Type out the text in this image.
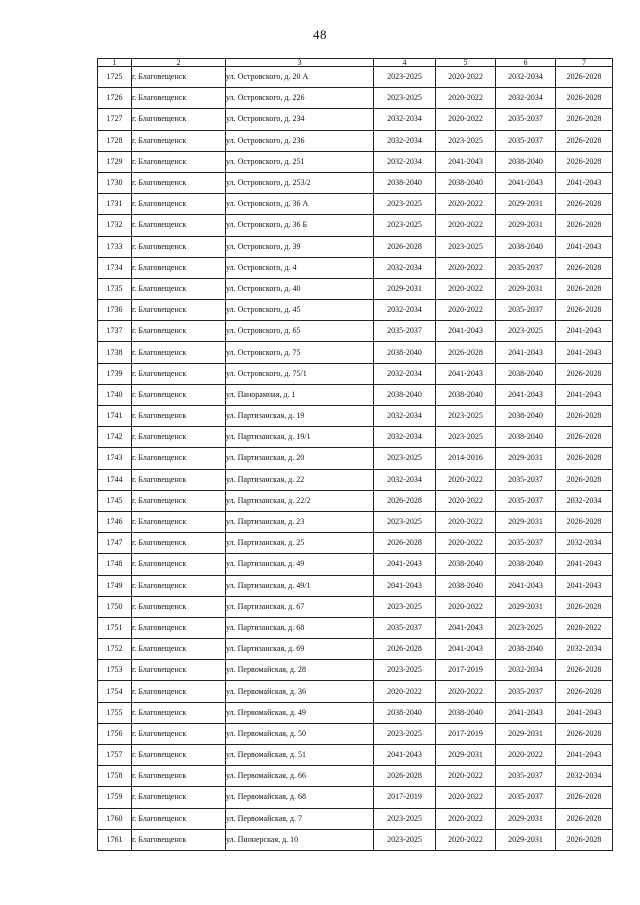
48
1	2	3	4	5	6	7
1725	г. Благовещенск	ул. Островского, д. 20 А	2023-2025	2020-2022	2032-2034	2026-2028
1726	г. Благовещенск	ул. Островского, д. 226	2023-2025	2020-2022	2032-2034	2026-2028
1727	г. Благовещенск	ул. Островского, д. 234	2032-2034	2020-2022	2035-2037	2026-2028
1728	г. Благовещенск	ул. Островского, д. 236	2032-2034	2023-2025	2035-2037	2026-2028
1729	г. Благовещенск	ул. Островского, д. 251	2032-2034	2041-2043	2038-2040	2026-2028
1730	г. Благовещенск	ул. Островского, д. 253/2	2038-2040	2038-2040	2041-2043	2041-2043
1731	г. Благовещенск	ул. Островского, д. 36 А	2023-2025	2020-2022	2029-2031	2026-2028
1732	г. Благовещенск	ул. Островского, д. 36 Б	2023-2025	2020-2022	2029-2031	2026-2028
1733	г. Благовещенск	ул. Островского, д. 39	2026-2028	2023-2025	2038-2040	2041-2043
1734	г. Благовещенск	ул. Островского, д. 4	2032-2034	2020-2022	2035-2037	2026-2028
1735	г. Благовещенск	ул. Островского, д. 40	2029-2031	2020-2022	2029-2031	2026-2028
1736	г. Благовещенск	ул. Островского, д. 45	2032-2034	2020-2022	2035-2037	2026-2028
1737	г. Благовещенск	ул. Островского, д. 65	2035-2037	2041-2043	2023-2025	2041-2043
1738	г. Благовещенск	ул. Островского, д. 75	2038-2040	2026-2028	2041-2043	2041-2043
1739	г. Благовещенск	ул. Островского, д. 75/1	2032-2034	2041-2043	2038-2040	2026-2028
1740	г. Благовещенск	ул. Панорамная, д. 1	2038-2040	2038-2040	2041-2043	2041-2043
1741	г. Благовещенск	ул. Партизанская, д. 19	2032-2034	2023-2025	2038-2040	2026-2028
1742	г. Благовещенск	ул. Партизанская, д. 19/1	2032-2034	2023-2025	2038-2040	2026-2028
1743	г. Благовещенск	ул. Партизанская, д. 20	2023-2025	2014-2016	2029-2031	2026-2028
1744	г. Благовещенск	ул. Партизанская, д. 22	2032-2034	2020-2022	2035-2037	2026-2028
1745	г. Благовещенск	ул. Партизанская, д. 22/2	2026-2028	2020-2022	2035-2037	2032-2034
1746	г. Благовещенск	ул. Партизанская, д. 23	2023-2025	2020-2022	2029-2031	2026-2028
1747	г. Благовещенск	ул. Партизанская, д. 25	2026-2028	2020-2022	2035-2037	2032-2034
1748	г. Благовещенск	ул. Партизанская, д. 49	2041-2043	2038-2040	2038-2040	2041-2043
1749	г. Благовещенск	ул. Партизанская, д. 49/1	2041-2043	2038-2040	2041-2043	2041-2043
1750	г. Благовещенск	ул. Партизанская, д. 67	2023-2025	2020-2022	2029-2031	2026-2028
1751	г. Благовещенск	ул. Партизанская, д. 68	2035-2037	2041-2043	2023-2025	2020-2022
1752	г. Благовещенск	ул. Партизанская, д. 69	2026-2028	2041-2043	2038-2040	2032-2034
1753	г. Благовещенск	ул. Первомайская, д. 28	2023-2025	2017-2019	2032-2034	2026-2028
1754	г. Благовещенск	ул. Первомайская, д. 36	2020-2022	2020-2022	2035-2037	2026-2028
1755	г. Благовещенск	ул. Первомайская, д. 49	2038-2040	2038-2040	2041-2043	2041-2043
1756	г. Благовещенск	ул. Первомайская, д. 50	2023-2025	2017-2019	2029-2031	2026-2028
1757	г. Благовещенск	ул. Первомайская, д. 51	2041-2043	2029-2031	2020-2022	2041-2043
1758	г. Благовещенск	ул. Первомайская, д. 66	2026-2028	2020-2022	2035-2037	2032-2034
1759	г. Благовещенск	ул. Первомайская, д. 68	2017-2019	2020-2022	2035-2037	2026-2028
1760	г. Благовещенск	ул. Первомайская, д. 7	2023-2025	2020-2022	2029-2031	2026-2028
1761	г. Благовещенск	ул. Пионерская, д. 10	2023-2025	2020-2022	2029-2031	2026-2028
